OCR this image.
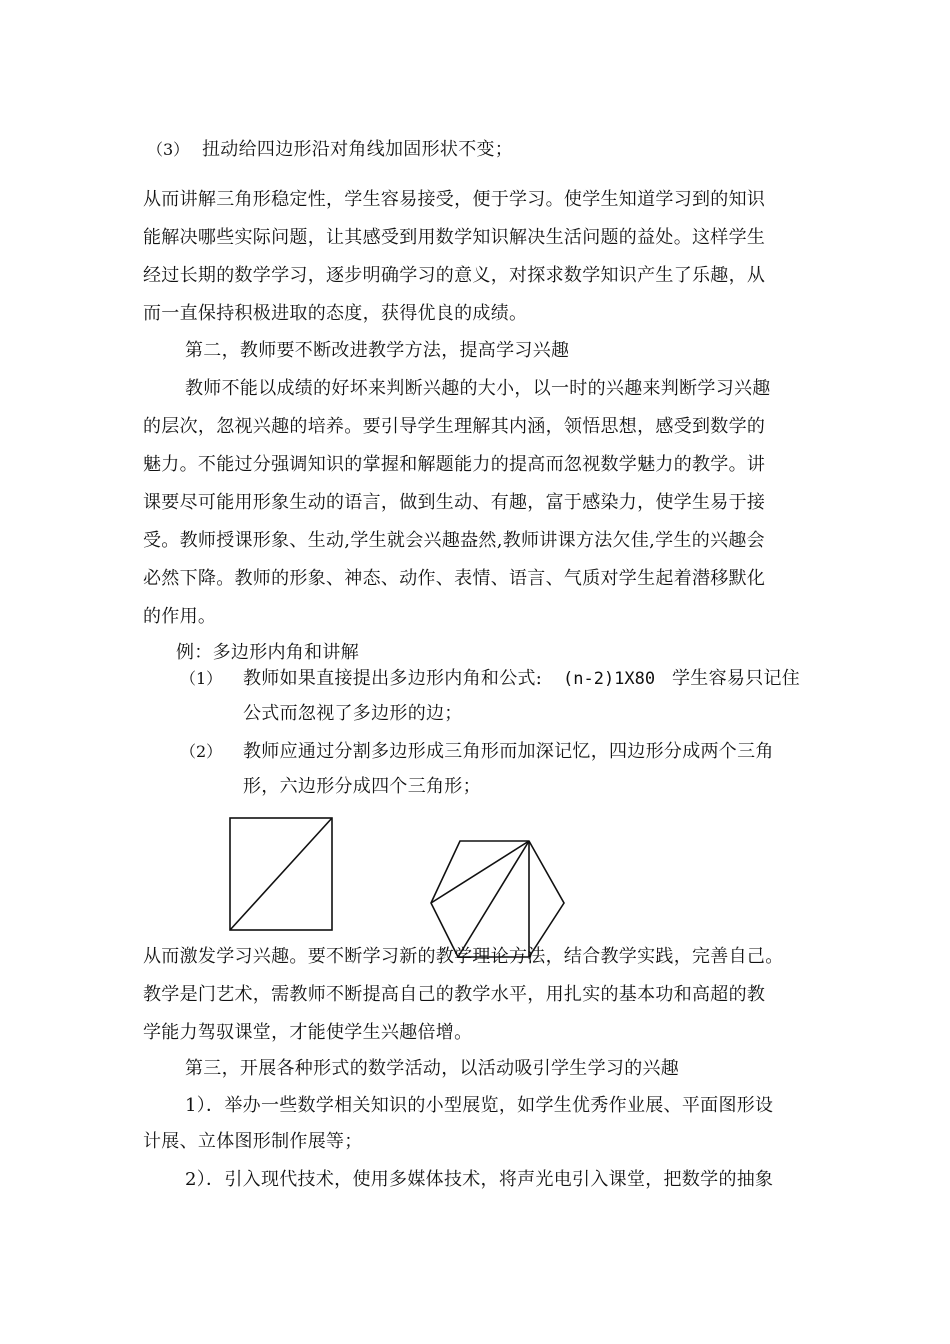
（3） 扭动给四边形沿对角线加固形状不变；
从而讲解三角形稳定性，学生容易接受，便于学习。使学生知道学习到的知识
能解决哪些实际问题，让其感受到用数学知识解决生活问题的益处。这样学生
经过长期的数学学习，逐步明确学习的意义，对探求数学知识产生了乐趣，从
而一直保持积极进取的态度，获得优良的成绩。
第二，教师要不断改进教学方法，提高学习兴趣
教师不能以成绩的好坏来判断兴趣的大小，以一时的兴趣来判断学习兴趣
的层次，忽视兴趣的培养。要引导学生理解其内涵，领悟思想，感受到数学的
魅力。不能过分强调知识的掌握和解题能力的提高而忽视数学魅力的教学。讲
课要尽可能用形象生动的语言，做到生动、有趣，富于感染力，使学生易于接
受。教师授课形象、生动,学生就会兴趣盎然,教师讲课方法欠佳,学生的兴趣会
必然下降。教师的形象、神态、动作、表情、语言、气质对学生起着潜移默化
的作用。
例：多边形内角和讲解
（1） 教师如果直接提出多边形内角和公式: (n-2)1X80 学生容易只记住
公式而忽视了多边形的边；
（2） 教师应通过分割多边形成三角形而加深记忆，四边形分成两个三角
形，六边形分成四个三角形；
从而激发学习兴趣。要不断学习新的教学理论方法，结合教学实践，完善自己。
教学是门艺术，需教师不断提高自己的教学水平，用扎实的基本功和高超的教
学能力驾驭课堂，才能使学生兴趣倍增。
第三，开展各种形式的数学活动，以活动吸引学生学习的兴趣
1）．举办一些数学相关知识的小型展览，如学生优秀作业展、平面图形设
计展、立体图形制作展等；
2）．引入现代技术，使用多媒体技术，将声光电引入课堂，把数学的抽象
